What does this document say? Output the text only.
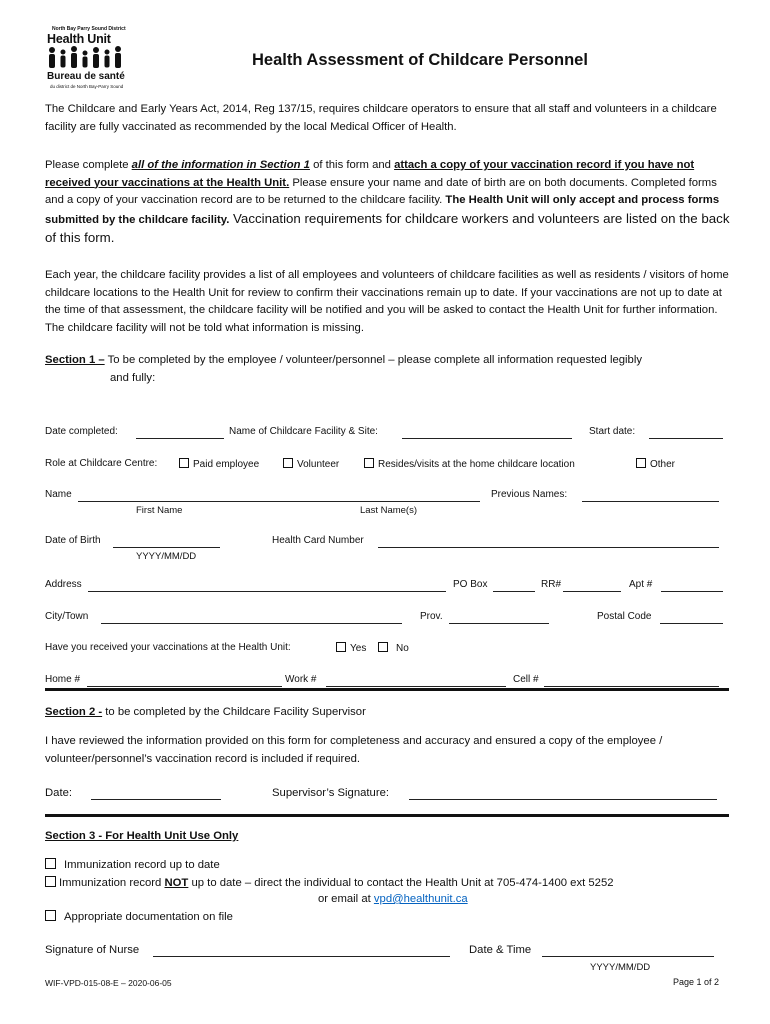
North Bay Parry Sound District
Health Unit
Bureau de santé
du district de North Bay-Parry Sound
Health Assessment of Childcare Personnel
The Childcare and Early Years Act, 2014, Reg 137/15, requires childcare operators to ensure that all staff and volunteers in a childcare facility are fully vaccinated as recommended by the local Medical Officer of Health.
Please complete all of the information in Section 1 of this form and attach a copy of your vaccination record if you have not received your vaccinations at the Health Unit. Please ensure your name and date of birth are on both documents. Completed forms and a copy of your vaccination record are to be returned to the childcare facility. The Health Unit will only accept and process forms submitted by the childcare facility. Vaccination requirements for childcare workers and volunteers are listed on the back of this form.
Each year, the childcare facility provides a list of all employees and volunteers of childcare facilities as well as residents / visitors of home childcare locations to the Health Unit for review to confirm their vaccinations remain up to date. If your vaccinations are not up to date at the time of that assessment, the childcare facility will be notified and you will be asked to contact the Health Unit for further information. The childcare facility will not be told what information is missing.
Section 1 – To be completed by the employee / volunteer/personnel – please complete all information requested legibly
and fully:
Date completed:	Name of Childcare Facility & Site:	Start date:
Role at Childcare Centre:	Paid employee	Volunteer	Resides/visits at the home childcare location	Other
Name	Previous Names:
First Name	Last Name(s)
Date of Birth	Health Card Number
YYYY/MM/DD
Address	PO Box	RR#	Apt #
City/Town	Prov.	Postal Code
Have you received your vaccinations at the Health Unit:	Yes	No
Home #	Work #	Cell #
Section 2 - to be completed by the Childcare Facility Supervisor
I have reviewed the information provided on this form for completeness and accuracy and ensured a copy of the employee / volunteer/personnel’s vaccination record is included if required.
Date:	Supervisor’s Signature:
Section 3 - For Health Unit Use Only
Immunization record up to date
Immunization record NOT up to date – direct the individual to contact the Health Unit at 705-474-1400 ext 5252
or email at vpd@healthunit.ca
Appropriate documentation on file
Signature of Nurse	Date & Time
YYYY/MM/DD
WIF-VPD-015-08-E – 2020-06-05	Page 1 of 2
